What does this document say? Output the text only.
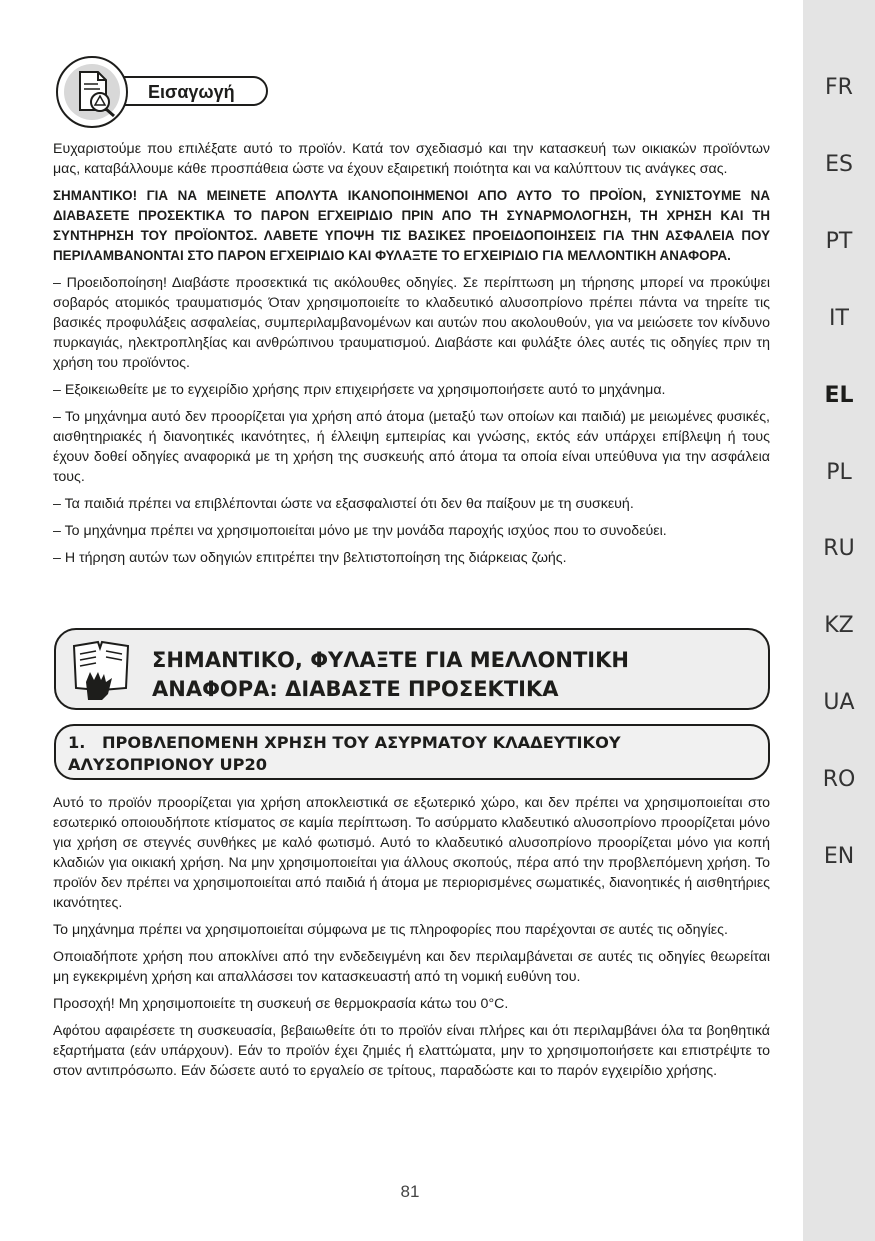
FR
ES
PT
IT
EL
PL
RU
KZ
UA
RO
EN
Εισαγωγή

Ευχαριστούμε που επιλέξατε αυτό το προϊόν. Κατά τον σχεδιασμό και την κατασκευή των οικιακών προϊόντων μας, καταβάλλουμε κάθε προσπάθεια ώστε να έχουν εξαιρετική ποιότητα και να καλύπτουν τις ανάγκες σας.

ΣΗΜΑΝΤΙΚΟ! ΓΙΑ ΝΑ ΜΕΙΝΕΤΕ ΑΠΟΛΥΤΑ ΙΚΑΝΟΠΟΙΗΜΕΝΟΙ ΑΠΟ ΑΥΤΟ ΤΟ ΠΡΟΪΟΝ, ΣΥΝΙΣΤΟΥΜΕ ΝΑ ΔΙΑΒΑΣΕΤΕ ΠΡΟΣΕΚΤΙΚΑ ΤΟ ΠΑΡΟΝ ΕΓΧΕΙΡΙΔΙΟ ΠΡΙΝ ΑΠΟ ΤΗ ΣΥΝΑΡΜΟΛΟΓΗΣΗ, ΤΗ ΧΡΗΣΗ ΚΑΙ ΤΗ ΣΥΝΤΗΡΗΣΗ ΤΟΥ ΠΡΟΪΟΝΤΟΣ. ΛΑΒΕΤΕ ΥΠΟΨΗ ΤΙΣ ΒΑΣΙΚΕΣ ΠΡΟΕΙΔΟΠΟΙΗΣΕΙΣ ΓΙΑ ΤΗΝ ΑΣΦΑΛΕΙΑ ΠΟΥ ΠΕΡΙΛΑΜΒΑΝΟΝΤΑΙ ΣΤΟ ΠΑΡΟΝ ΕΓΧΕΙΡΙΔΙΟ ΚΑΙ ΦΥΛΑΞΤΕ ΤΟ ΕΓΧΕΙΡΙΔΙΟ ΓΙΑ ΜΕΛΛΟΝΤΙΚΗ ΑΝΑΦΟΡΑ.

– Προειδοποίηση! Διαβάστε προσεκτικά τις ακόλουθες οδηγίες. Σε περίπτωση μη τήρησης μπορεί να προκύψει σοβαρός ατομικός τραυματισμός Όταν χρησιμοποιείτε το κλαδευτικό αλυσοπρίονο πρέπει πάντα να τηρείτε τις βασικές προφυλάξεις ασφαλείας, συμπεριλαμβανομένων και αυτών που ακολουθούν, για να μειώσετε τον κίνδυνο πυρκαγιάς, ηλεκτροπληξίας και ανθρώπινου τραυματισμού. Διαβάστε και φυλάξτε όλες αυτές τις οδηγίες πριν τη χρήση του προϊόντος.

– Εξοικειωθείτε με το εγχειρίδιο χρήσης πριν επιχειρήσετε να χρησιμοποιήσετε αυτό το μηχάνημα.

– Το μηχάνημα αυτό δεν προορίζεται για χρήση από άτομα (μεταξύ των οποίων και παιδιά) με μειωμένες φυσικές, αισθητηριακές ή διανοητικές ικανότητες, ή έλλειψη εμπειρίας και γνώσης, εκτός εάν υπάρχει επίβλεψη ή τους έχουν δοθεί οδηγίες αναφορικά με τη χρήση της συσκευής από άτομα τα οποία είναι υπεύθυνα για την ασφάλεια τους.

– Τα παιδιά πρέπει να επιβλέπονται ώστε να εξασφαλιστεί ότι δεν θα παίξουν με τη συσκευή.

– Το μηχάνημα πρέπει να χρησιμοποιείται μόνο με την μονάδα παροχής ισχύος που το συνοδεύει.

– Η τήρηση αυτών των οδηγιών επιτρέπει την βελτιστοποίηση της διάρκειας ζωής.

ΣΗΜΑΝΤΙΚΟ, ΦΥΛΑΞΤΕ ΓΙΑ ΜΕΛΛΟΝΤΙΚΗ
ΑΝΑΦΟΡΑ: ΔΙΑΒΑΣΤΕ ΠΡΟΣΕΚΤΙΚΑ
1. ΠΡΟΒΛΕΠΟΜΕΝΗ ΧΡΗΣΗ ΤΟΥ ΑΣΥΡΜΑΤΟΥ ΚΛΑΔΕΥΤΙΚΟΥ
ΑΛΥΣΟΠΡΙΟΝΟΥ UP20

Αυτό το προϊόν προορίζεται για χρήση αποκλειστικά σε εξωτερικό χώρο, και δεν πρέπει να χρησιμοποιείται στο εσωτερικό οποιουδήποτε κτίσματος σε καμία περίπτωση. Το ασύρματο κλαδευτικό αλυσοπρίονο προορίζεται μόνο για χρήση σε στεγνές συνθήκες με καλό φωτισμό. Αυτό το κλαδευτικό αλυσοπρίονο προορίζεται μόνο για κοπή κλαδιών για οικιακή χρήση. Να μην χρησιμοποιείται για άλλους σκοπούς, πέρα από την προβλεπόμενη χρήση. Το προϊόν δεν πρέπει να χρησιμοποιείται από παιδιά ή άτομα με περιορισμένες σωματικές, διανοητικές ή αισθητήριες ικανότητες.

Το μηχάνημα πρέπει να χρησιμοποιείται σύμφωνα με τις πληροφορίες που παρέχονται σε αυτές τις οδηγίες.

Οποιαδήποτε χρήση που αποκλίνει από την ενδεδειγμένη και δεν περιλαμβάνεται σε αυτές τις οδηγίες θεωρείται μη εγκεκριμένη χρήση και απαλλάσσει τον κατασκευαστή από τη νομική ευθύνη του.

Προσοχή! Μη χρησιμοποιείτε τη συσκευή σε θερμοκρασία κάτω του 0°C.

Αφότου αφαιρέσετε τη συσκευασία, βεβαιωθείτε ότι το προϊόν είναι πλήρες και ότι περιλαμβάνει όλα τα βοηθητικά εξαρτήματα (εάν υπάρχουν). Εάν το προϊόν έχει ζημιές ή ελαττώματα, μην το χρησιμοποιήσετε και επιστρέψτε το στον αντιπρόσωπο. Εάν δώσετε αυτό το εργαλείο σε τρίτους, παραδώστε και το παρόν εγχειρίδιο χρήσης.

81
